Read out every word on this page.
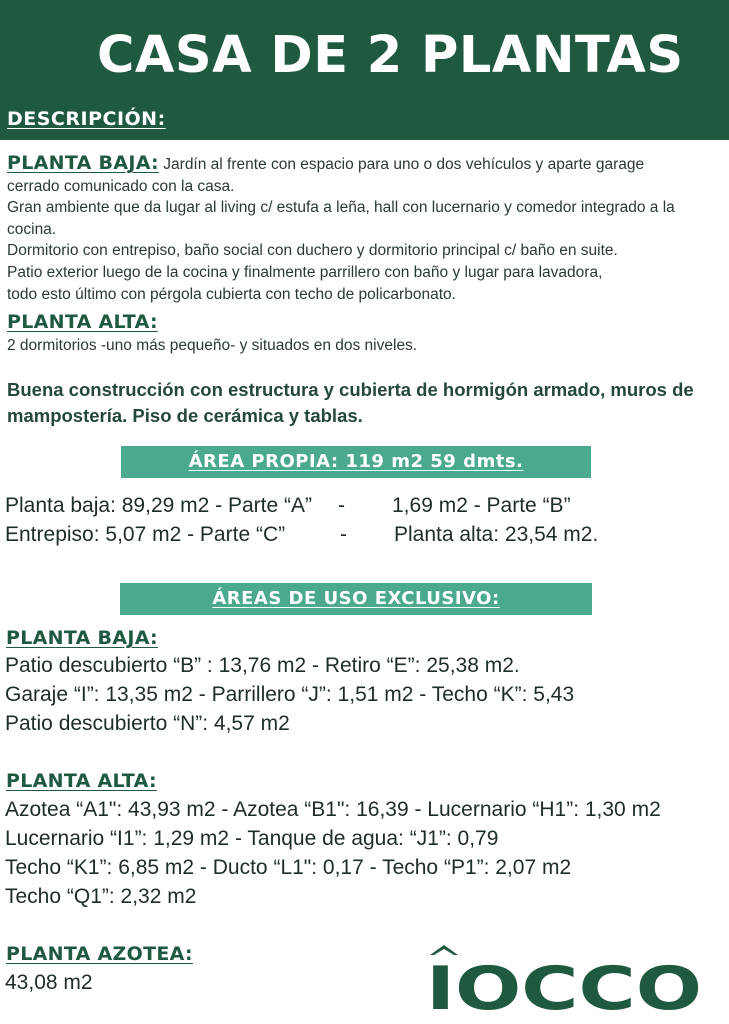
CASA DE 2 PLANTAS
DESCRIPCIÓN:

PLANTA BAJA: Jardín al frente con espacio para uno o dos vehículos y aparte garage

cerrado comunicado con la casa.

Gran ambiente que da lugar al living c/ estufa a leña, hall con lucernario y comedor integrado a la

cocina.

Dormitorio con entrepiso, baño social con duchero y dormitorio principal c/ baño en suite.

Patio exterior luego de la cocina y finalmente parrillero con baño y lugar para lavadora,

todo esto último con pérgola cubierta con techo de policarbonato.

PLANTA ALTA:

2 dormitorios -uno más pequeño- y situados en dos niveles.

Buena construcción con estructura y cubierta de hormigón armado, muros de mampostería. Piso de cerámica y tablas.

ÁREA PROPIA: 119 m2 59 dmts.

Planta baja: 89,29 m2 - Parte “A” - 1,69 m2 - Parte “B”

Entrepiso: 5,07 m2 - Parte “C”	- Planta alta: 23,54 m2.

ÁREAS DE USO EXCLUSIVO:

PLANTA BAJA:

Patio descubierto “B” : 13,76 m2 - Retiro “E”: 25,38 m2.

Garaje “I”: 13,35 m2 - Parrillero “J”: 1,51 m2 - Techo “K”: 5,43

Patio descubierto “N”: 4,57 m2

PLANTA ALTA:

Azotea “A1": 43,93 m2 - Azotea “B1": 16,39 - Lucernario “H1”: 1,30 m2

Lucernario “I1”: 1,29 m2 - Tanque de agua: “J1”: 0,79

Techo “K1”: 6,85 m2 - Ducto “L1": 0,17 - Techo “P1”: 2,07 m2

Techo “Q1”: 2,32 m2

PLANTA AZOTEA:

43,08 m2	IOCCO
